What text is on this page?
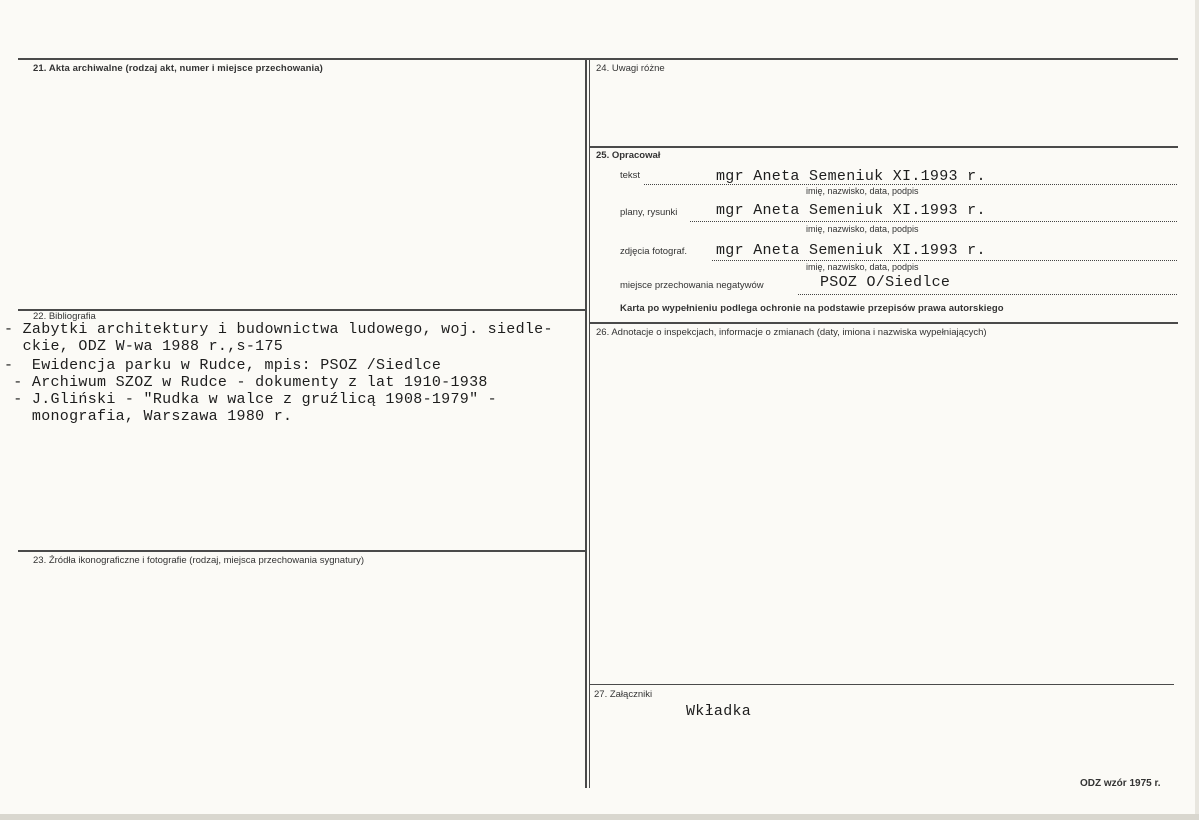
21. Akta archiwalne (rodzaj akt, numer i miejsce przechowania)
22. Bibliografia
- Zabytki architektury i budownictwa ludowego, woj. siedle-
ckie, ODZ W-wa 1988 r.,s-175
-  Ewidencja parku w Rudce, mpis: PSOZ /Siedlce
- Archiwum SZOZ w Rudce - dokumenty z lat 1910-1938
- J.Gliński - "Rudka w walce z gruźlicą 1908-1979" -
monografia, Warszawa 1980 r.
23. Źródła ikonograficzne i fotografie (rodzaj, miejsca przechowania sygnatury)
24. Uwagi różne
25. Opracował
tekst	mgr Aneta Semeniuk XI.1993 r.
imię, nazwisko, data, podpis
plany, rysunki	mgr Aneta Semeniuk XI.1993 r.
imię, nazwisko, data, podpis
zdjęcia fotograf. mgr Aneta Semeniuk XI.1993 r.
imię, nazwisko, data, podpis
miejsce przechowania negatywów	PSOZ O/Siedlce
Karta po wypełnieniu podlega ochronie na podstawie przepisów prawa autorskiego
26. Adnotacje o inspekcjach, informacje o zmianach (daty, imiona i nazwiska wypełniających)
27. Załączniki
Wkładka
ODZ wzór 1975 r.
